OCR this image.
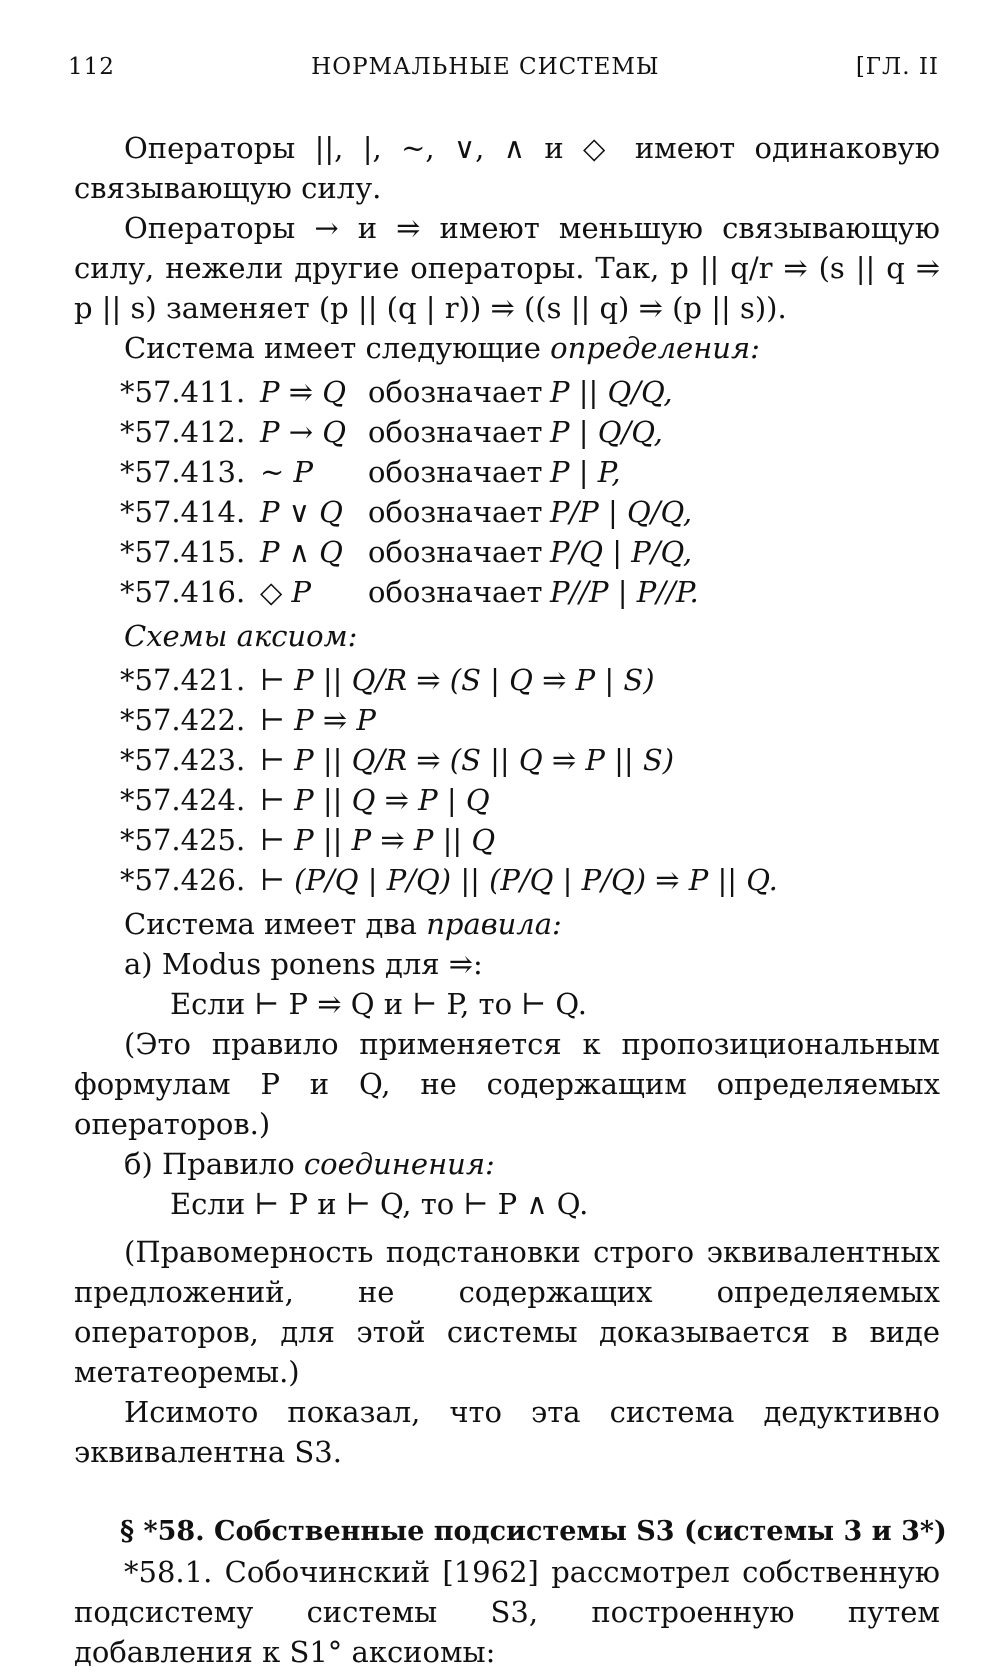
112	НОРМАЛЬНЫЕ СИСТЕМЫ	[ГЛ. II

Операторы ||, |, ~, ∨, ∧ и ◇ имеют одинаковую связывающую силу.

Операторы → и ⥤ имеют меньшую связывающую силу, нежели другие операторы. Так, p || q/r ⥤ (s || q ⥤ p || s) заменяет (p || (q | r)) ⥤ ((s || q) ⥤ (p || s)).

Система имеет следующие определения:

*57.411. P ⥤ Q обозначает P || Q/Q,
*57.412. P → Q обозначает P | Q/Q,
*57.413. ~ P	обозначает P | P,
*57.414. P ∨ Q обозначает P/P | Q/Q,
*57.415. P ∧ Q обозначает P/Q | P/Q,
*57.416. ◇ P	обозначает P//P | P//P.

Схемы аксиом:

*57.421. ⊢ P || Q/R ⥤ (S | Q ⥤ P | S)
*57.422. ⊢ P ⥤ P
*57.423. ⊢ P || Q/R ⥤ (S || Q ⥤ P || S)
*57.424. ⊢ P || Q ⥤ P | Q
*57.425. ⊢ P || P ⥤ P || Q
*57.426. ⊢ (P/Q | P/Q) || (P/Q | P/Q) ⥤ P || Q.

Система имеет два правила:

а) Modus ponens для ⥤:

Если ⊢ P ⥤ Q и ⊢ P, то ⊢ Q.

(Это правило применяется к пропозициональным формулам P и Q, не содержащим определяемых операторов.)

б) Правило соединения:

Если ⊢ P и ⊢ Q, то ⊢ P ∧ Q.

(Правомерность подстановки строго эквивалентных предложений, не содержащих определяемых операторов, для этой системы доказывается в виде метатеоремы.)

Исимото показал, что эта система дедуктивно эквивалентна S3.

§ *58. Собственные подсистемы S3 (системы 3 и 3*)

*58.1. Собочинский [1962] рассмотрел собственную подсистему системы S3, построенную путем добавления к S1° аксиомы:
